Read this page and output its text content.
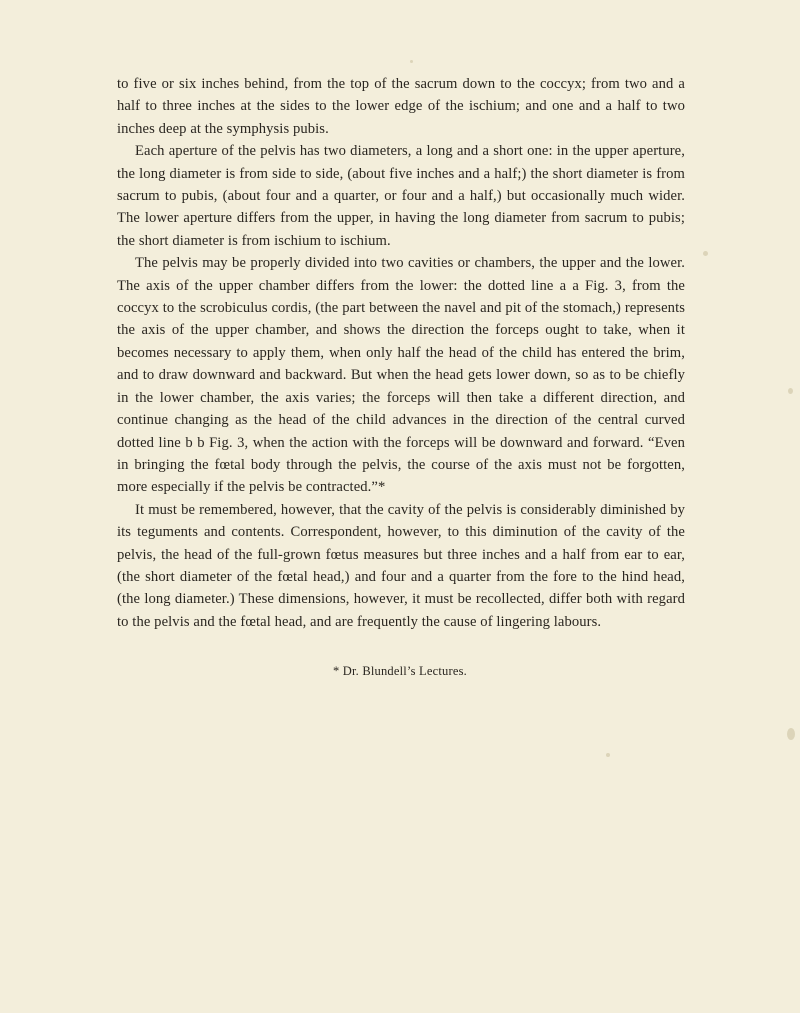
to five or six inches behind, from the top of the sacrum down to the coccyx; from two and a half to three inches at the sides to the lower edge of the ischium; and one and a half to two inches deep at the symphysis pubis.

Each aperture of the pelvis has two diameters, a long and a short one: in the upper aperture, the long diameter is from side to side, (about five inches and a half;) the short diameter is from sacrum to pubis, (about four and a quarter, or four and a half,) but occasionally much wider. The lower aperture differs from the upper, in having the long diameter from sacrum to pubis; the short diameter is from ischium to ischium.

The pelvis may be properly divided into two cavities or chambers, the upper and the lower. The axis of the upper chamber differs from the lower: the dotted line a a Fig. 3, from the coccyx to the scrobiculus cordis, (the part between the navel and pit of the stomach,) represents the axis of the upper chamber, and shows the direction the forceps ought to take, when it becomes necessary to apply them, when only half the head of the child has entered the brim, and to draw downward and backward. But when the head gets lower down, so as to be chiefly in the lower chamber, the axis varies; the forceps will then take a different direction, and continue changing as the head of the child advances in the direction of the central curved dotted line b b Fig. 3, when the action with the forceps will be downward and forward. “Even in bringing the fœtal body through the pelvis, the course of the axis must not be forgotten, more especially if the pelvis be contracted.”*

It must be remembered, however, that the cavity of the pelvis is considerably diminished by its teguments and contents. Correspondent, however, to this diminution of the cavity of the pelvis, the head of the full-grown fœtus measures but three inches and a half from ear to ear, (the short diameter of the fœtal head,) and four and a quarter from the fore to the hind head, (the long diameter.) These dimensions, however, it must be recollected, differ both with regard to the pelvis and the fœtal head, and are frequently the cause of lingering labours.

* Dr. Blundell’s Lectures.
